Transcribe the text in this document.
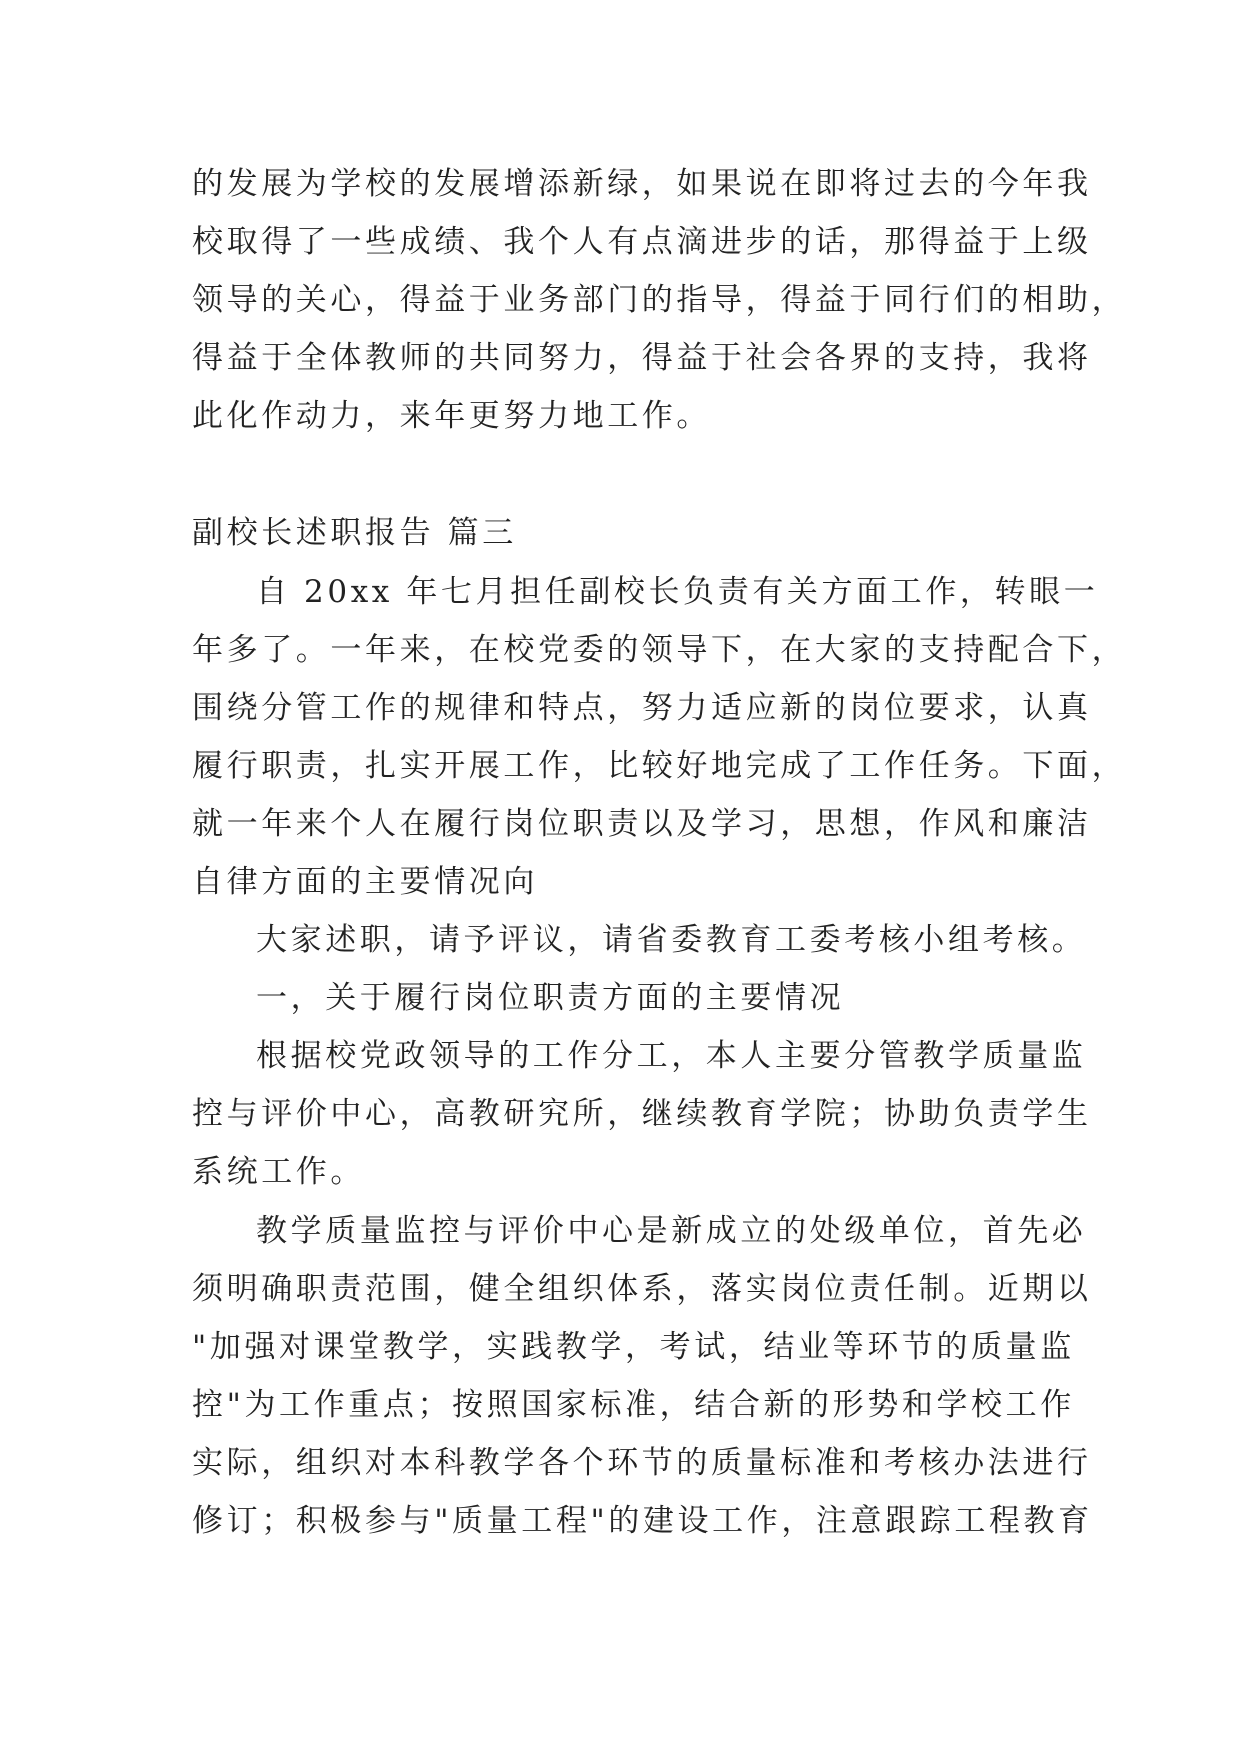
的发展为学校的发展增添新绿，如果说在即将过去的今年我
校取得了一些成绩、我个人有点滴进步的话，那得益于上级
领导的关心，得益于业务部门的指导，得益于同行们的相助，
得益于全体教师的共同努力，得益于社会各界的支持，我将
此化作动力，来年更努力地工作。
副校长述职报告 篇三
自 20xx 年七月担任副校长负责有关方面工作，转眼一
年多了。一年来，在校党委的领导下，在大家的支持配合下，
围绕分管工作的规律和特点，努力适应新的岗位要求，认真
履行职责，扎实开展工作，比较好地完成了工作任务。下面，
就一年来个人在履行岗位职责以及学习，思想，作风和廉洁
自律方面的主要情况向
大家述职，请予评议，请省委教育工委考核小组考核。
一，关于履行岗位职责方面的主要情况
根据校党政领导的工作分工，本人主要分管教学质量监
控与评价中心，高教研究所，继续教育学院；协助负责学生
系统工作。
教学质量监控与评价中心是新成立的处级单位，首先必
须明确职责范围，健全组织体系，落实岗位责任制。近期以
"加强对课堂教学，实践教学，考试，结业等环节的质量监
控"为工作重点；按照国家标准，结合新的形势和学校工作
实际，组织对本科教学各个环节的质量标准和考核办法进行
修订；积极参与"质量工程"的建设工作，注意跟踪工程教育
